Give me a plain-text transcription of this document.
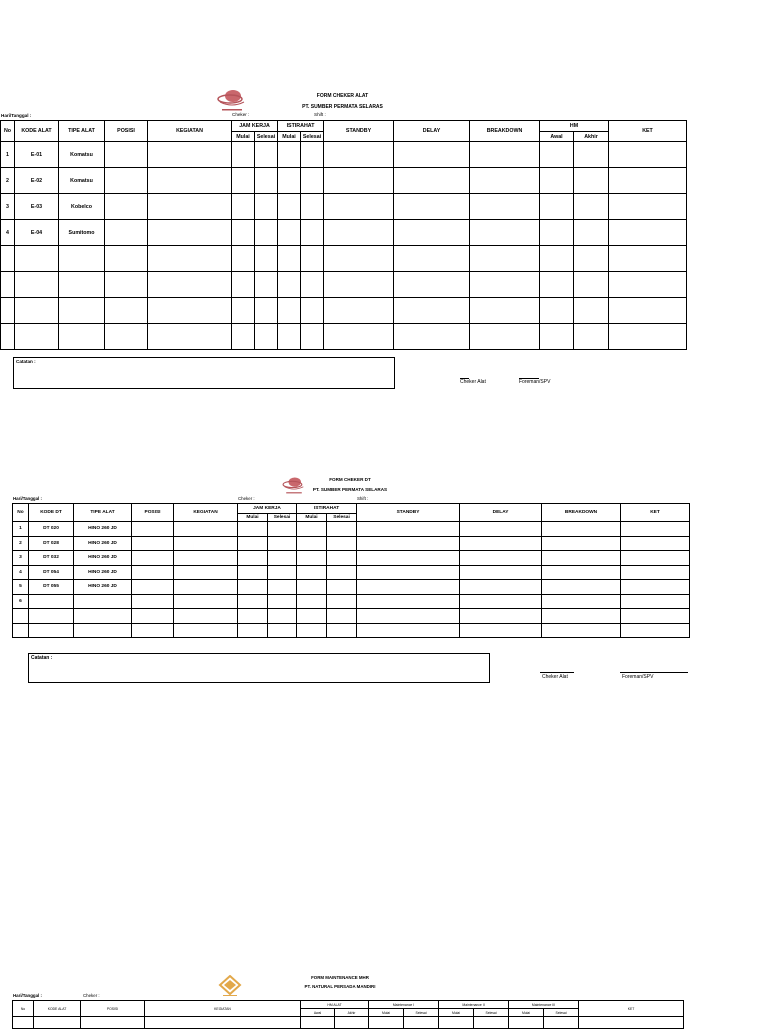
FORM CHEKER ALAT
PT. SUMBER PERMATA SELARAS
Hari/Tanggal :	Cheker :	Shift :
No	KODE ALAT	TIPE ALAT	POSISI	KEGIATAN	JAM KERJA		ISTIRAHAT		STANDBY	DELAY	BREAKDOWN	HM		KET
					Mulai	Selesai	Mulai	Selesai				Awal	Akhir	
1	E-01	Komatsu												
2	E-02	Komatsu												
3	E-03	Kobelco												
4	E-04	Sumitomo												

Catatan :
Cheker Alat	Foreman/SPV
FORM CHEKER DT
PT. SUMBER PERMATA SELARAS
Hari/Tanggal :	Cheker :	Shift :
No	KODE DT	TIPE ALAT	POSISI	KEGIATAN	JAM KERJA		ISTIRAHAT		STANDBY	DELAY	BREAKDOWN	KET
					Mulai	Selesai	Mulai	Selesai				
1	DT 020	HINO 260 JD										
2	DT 028	HINO 260 JD										
3	DT 032	HINO 260 JD										
4	DT 054	HINO 260 JD										
5	DT 055	HINO 260 JD										
6												

Catatan :
Cheker Alat	Foreman/SPV
FORM MAINTENANCE MHR
PT. NATURAL PERSADA MANDIRI
Hari/Tanggal :	Cheker :
No	KODE ALAT	POSISI	KEGIATAN	HM ALAT		Maintenance I		Maintenance II		Maintenance III		KET
				Awal	Akhir	Mulai	Selesai	Mulai	Selesai	Mulai	Selesai	
